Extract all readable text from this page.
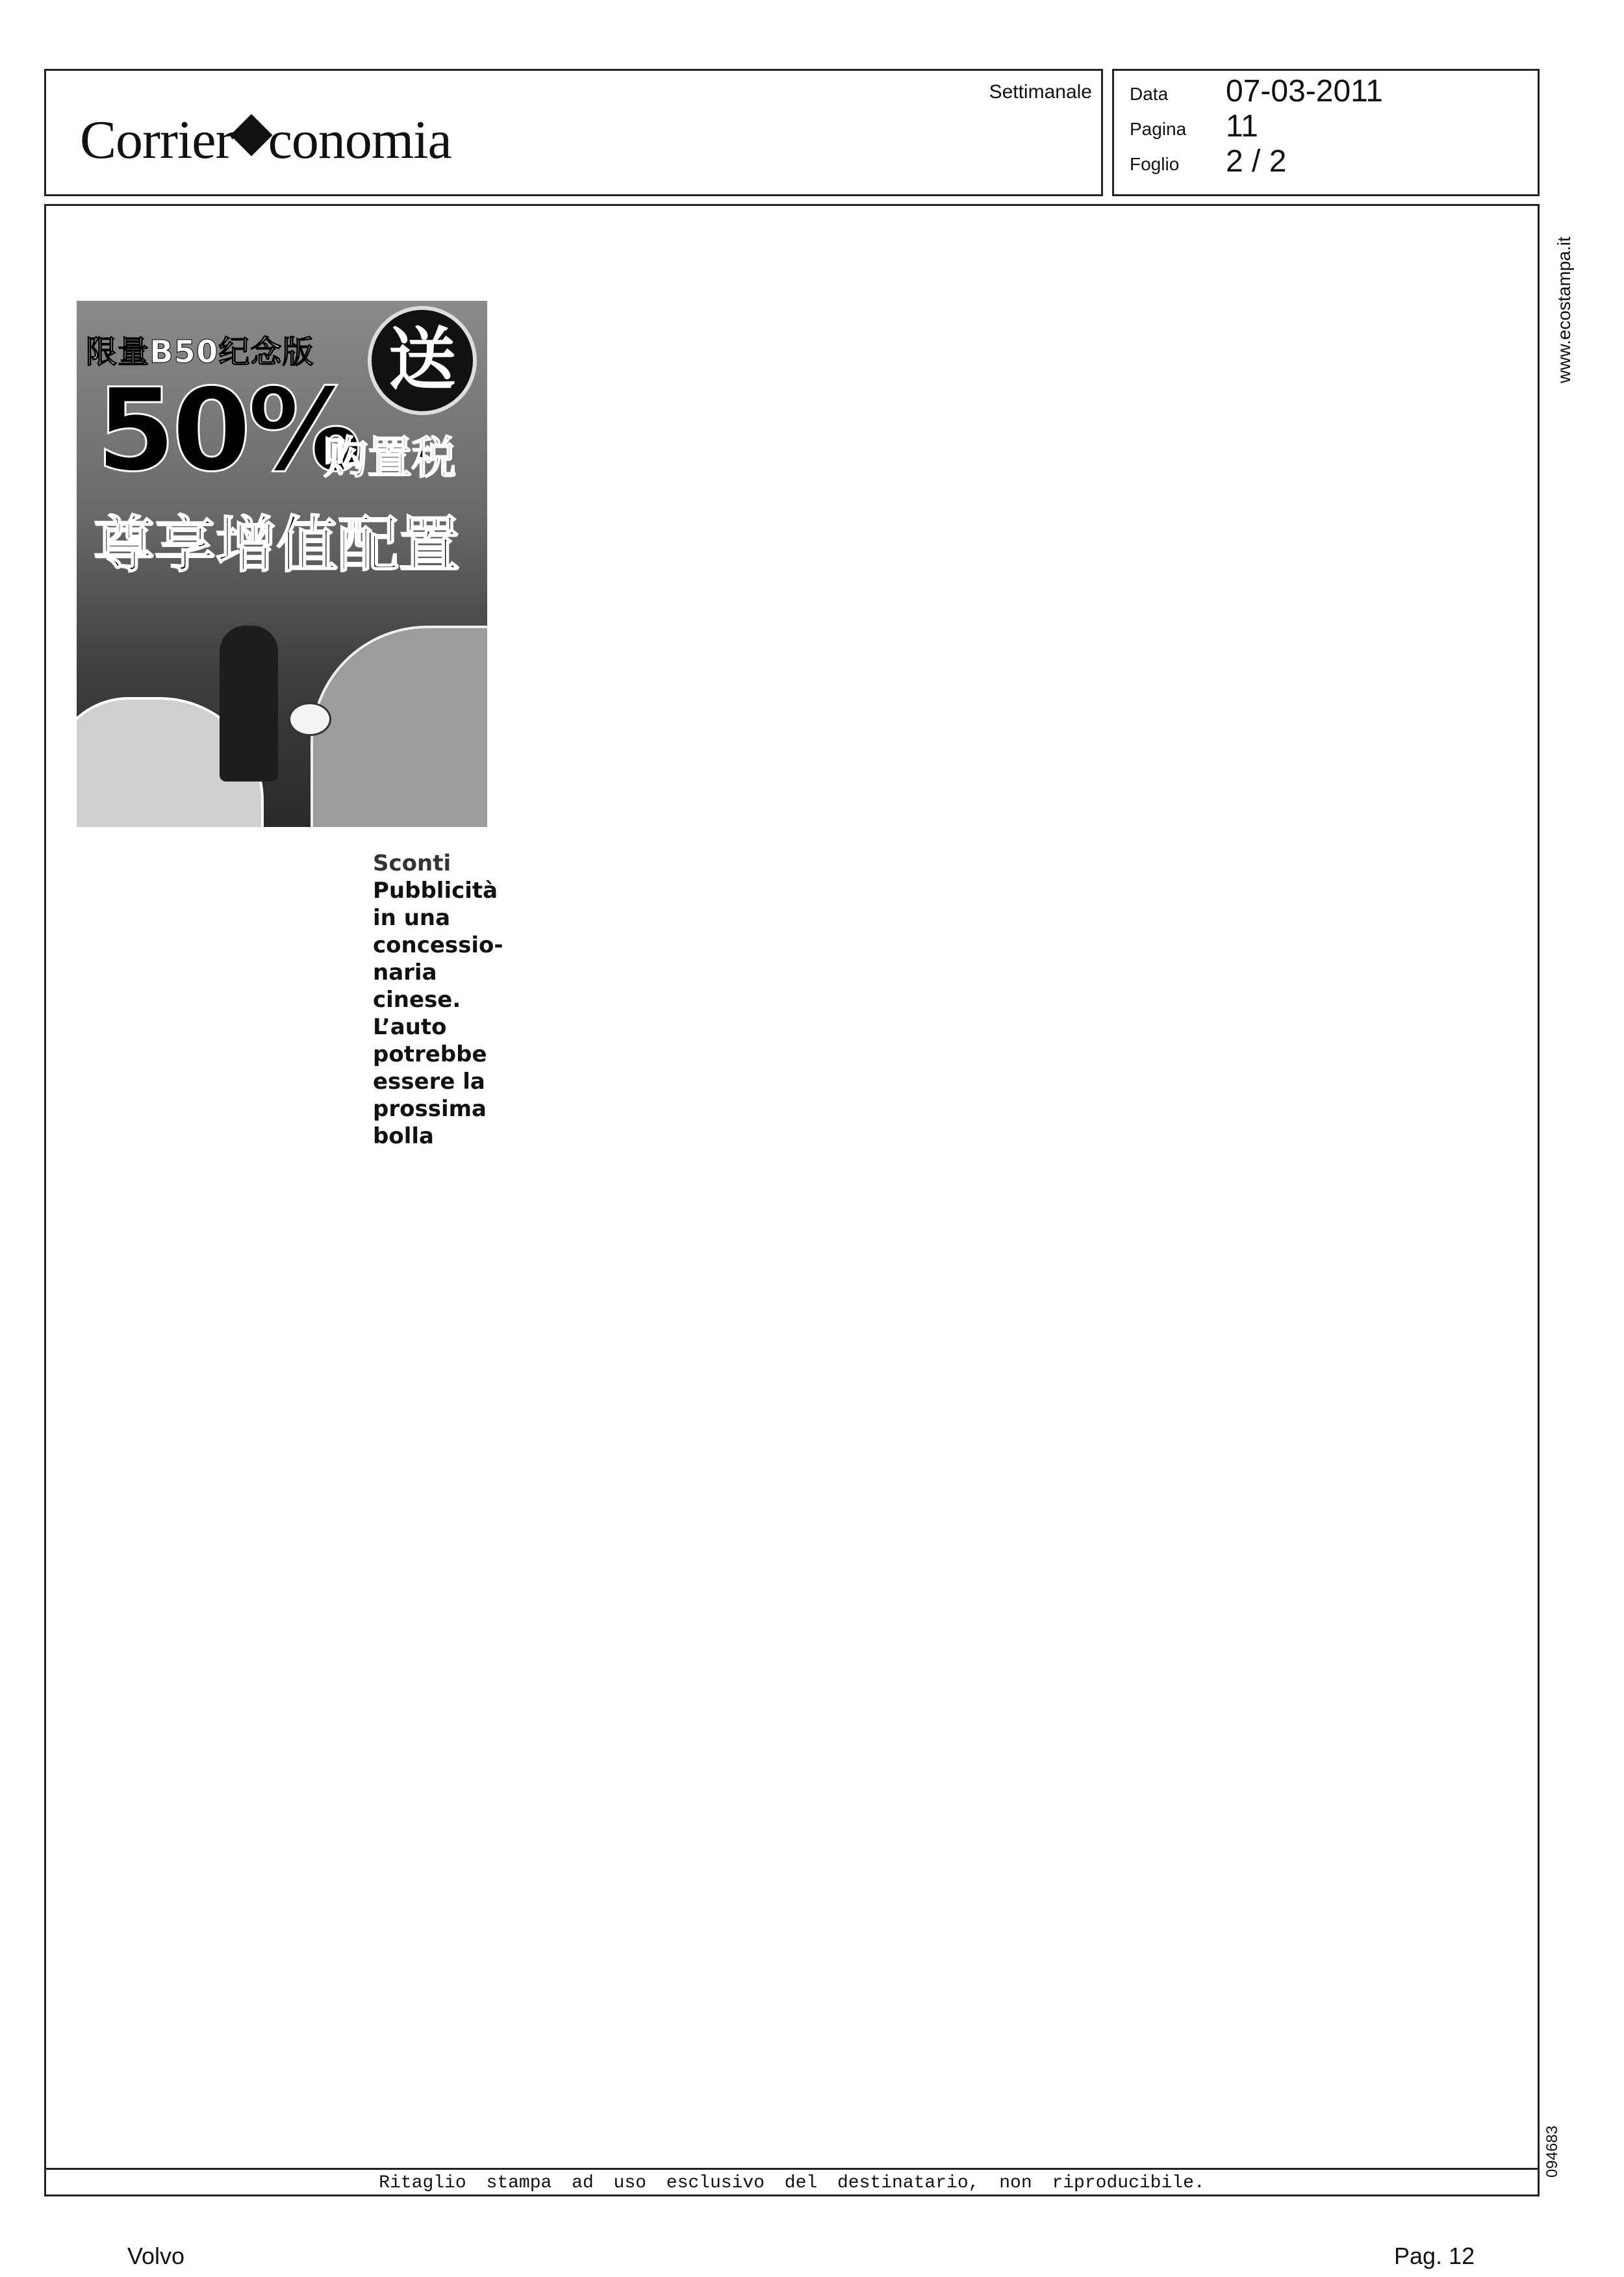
Corrier conomia
Settimanale Data 07-03-2011
Pagina 11
Foglio 2 / 2
www.ecostampa.it
094683
Ritaglio stampa ad uso esclusivo del destinatario, non riproducibile.
限量B50纪念版	送
50%
购置税
尊享增值配置
Sconti
Pubblicità
in una
concessio-
naria
cinese.
L’auto
potrebbe
essere la
prossima
bolla
Volvo	Pag. 12
